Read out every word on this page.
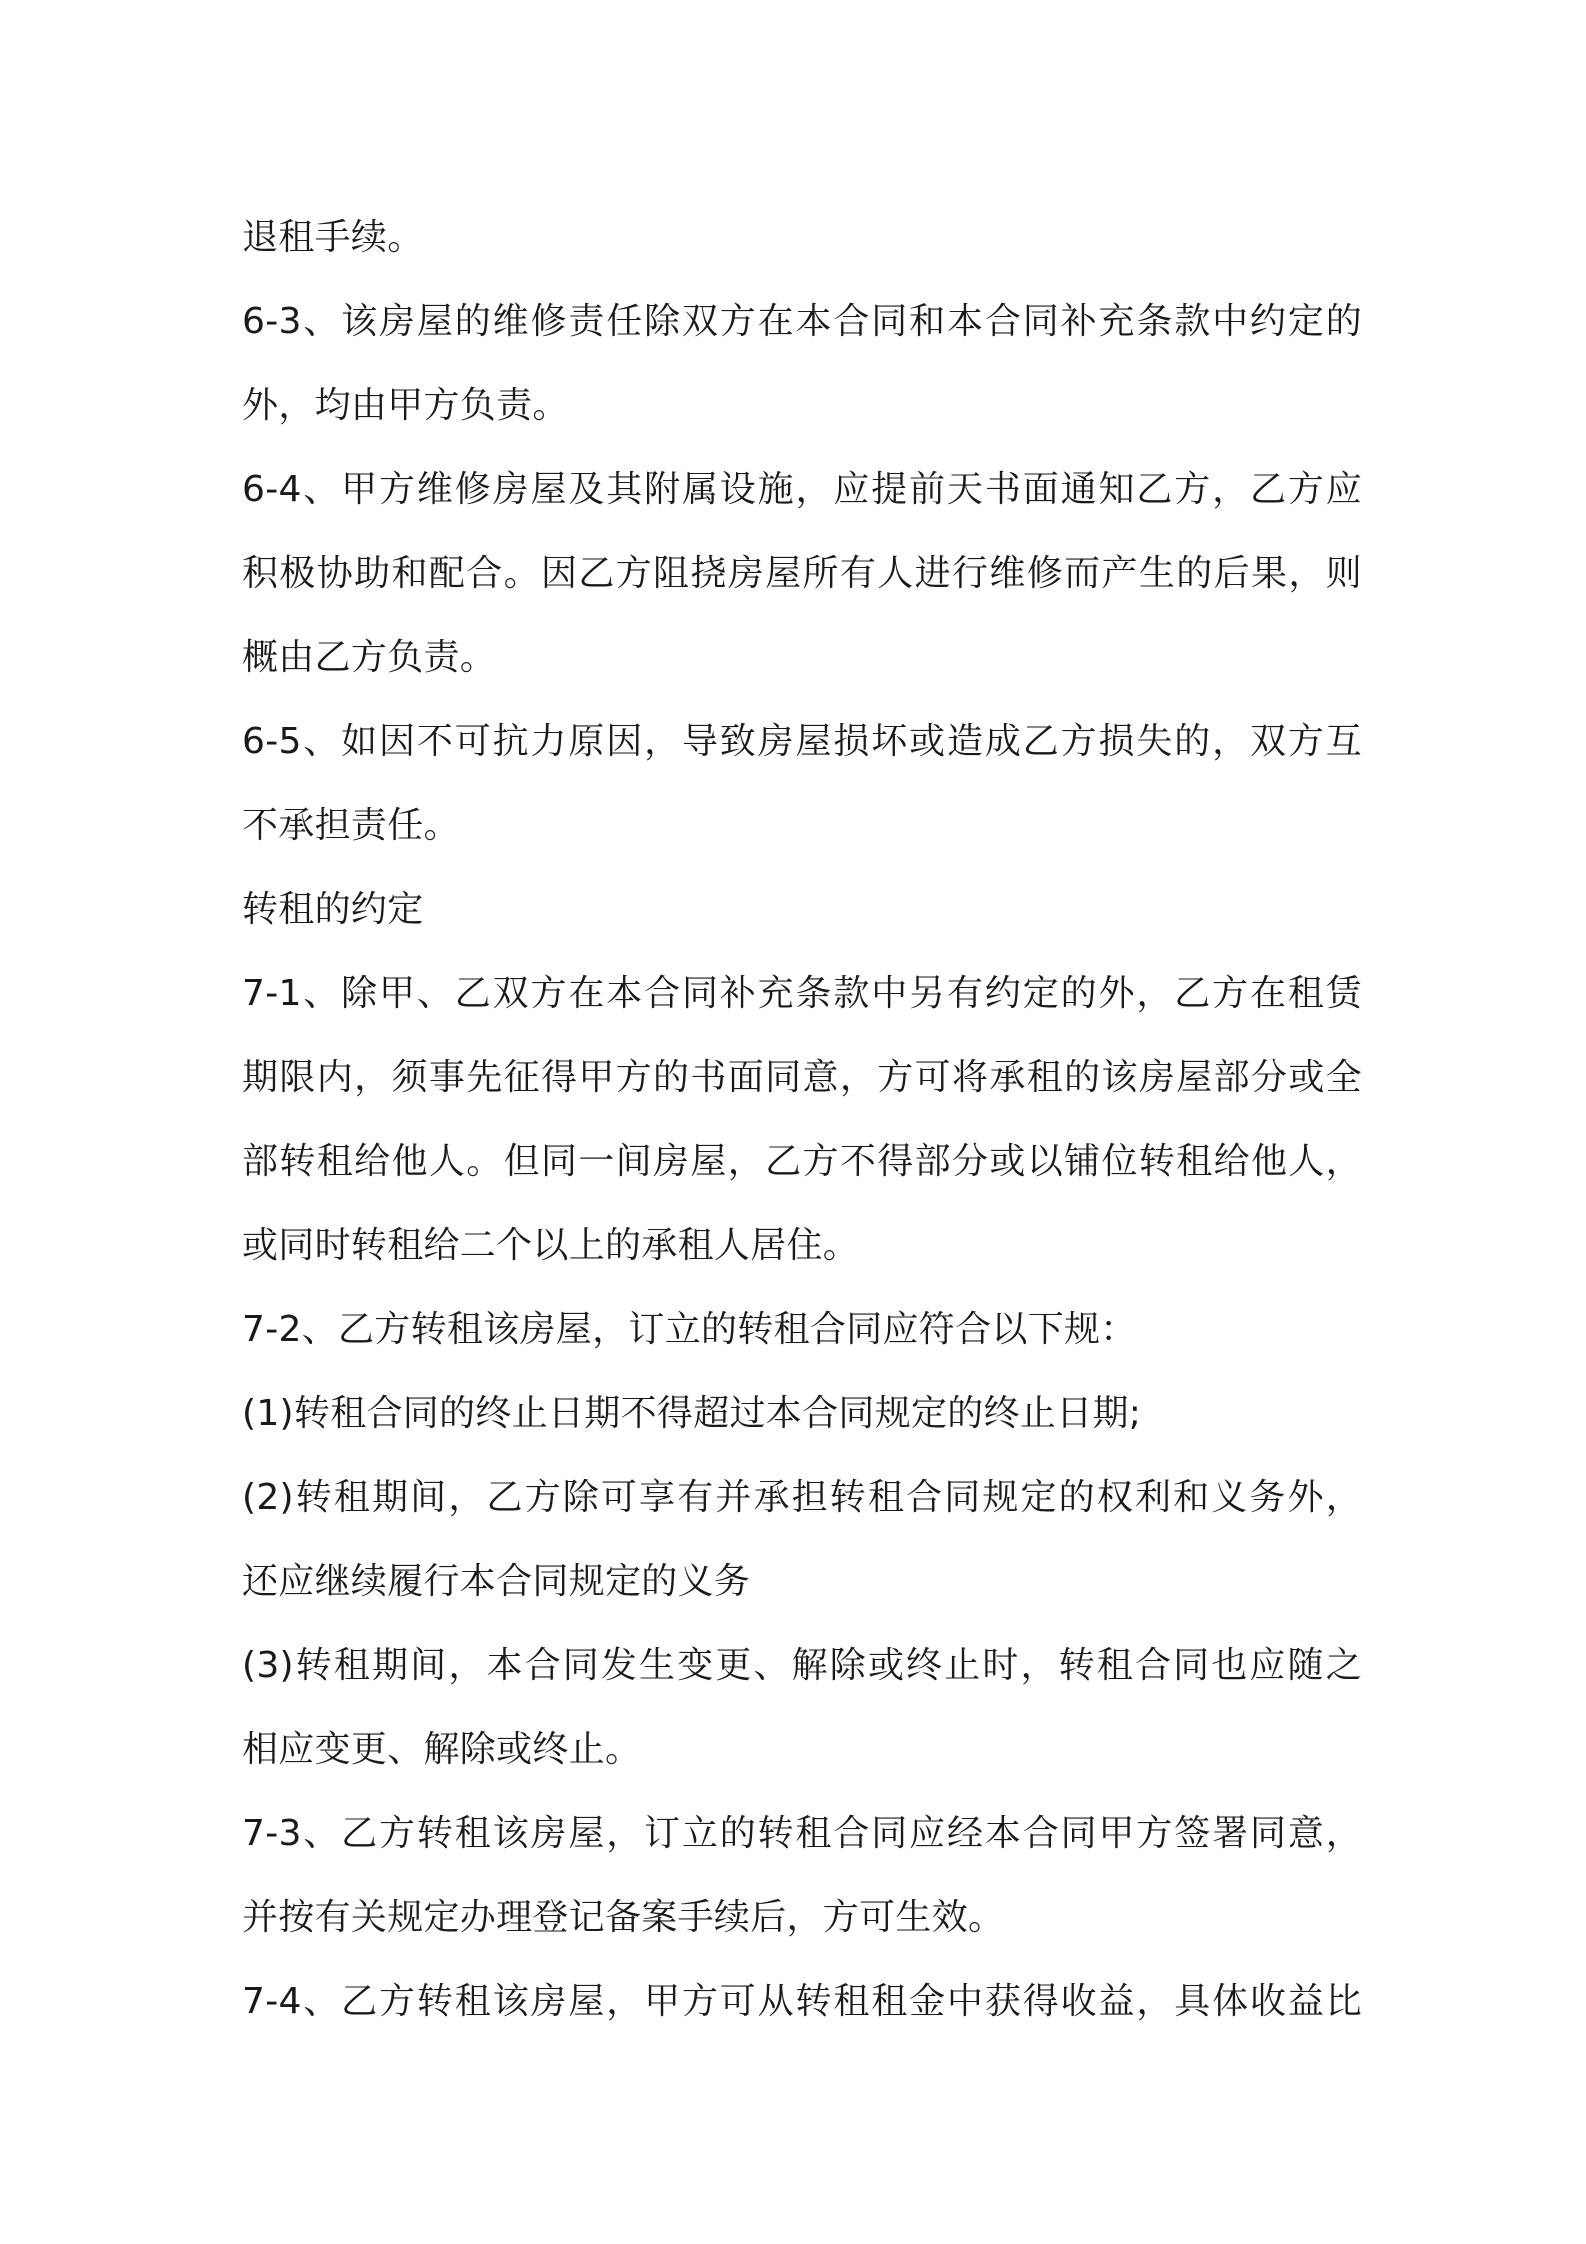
退租手续。
6-3、该房屋的维修责任除双方在本合同和本合同补充条款中约定的
外，均由甲方负责。
6-4、甲方维修房屋及其附属设施，应提前天书面通知乙方，乙方应
积极协助和配合。因乙方阻挠房屋所有人进行维修而产生的后果，则
概由乙方负责。
6-5、如因不可抗力原因，导致房屋损坏或造成乙方损失的，双方互
不承担责任。
转租的约定
7-1、除甲、乙双方在本合同补充条款中另有约定的外，乙方在租赁
期限内，须事先征得甲方的书面同意，方可将承租的该房屋部分或全
部转租给他人。但同一间房屋，乙方不得部分或以铺位转租给他人，
或同时转租给二个以上的承租人居住。
7-2、乙方转租该房屋，订立的转租合同应符合以下规：
(1)转租合同的终止日期不得超过本合同规定的终止日期;
(2)转租期间，乙方除可享有并承担转租合同规定的权利和义务外，
还应继续履行本合同规定的义务
(3)转租期间，本合同发生变更、解除或终止时，转租合同也应随之
相应变更、解除或终止。
7-3、乙方转租该房屋，订立的转租合同应经本合同甲方签署同意，
并按有关规定办理登记备案手续后，方可生效。
7-4、乙方转租该房屋，甲方可从转租租金中获得收益，具体收益比
